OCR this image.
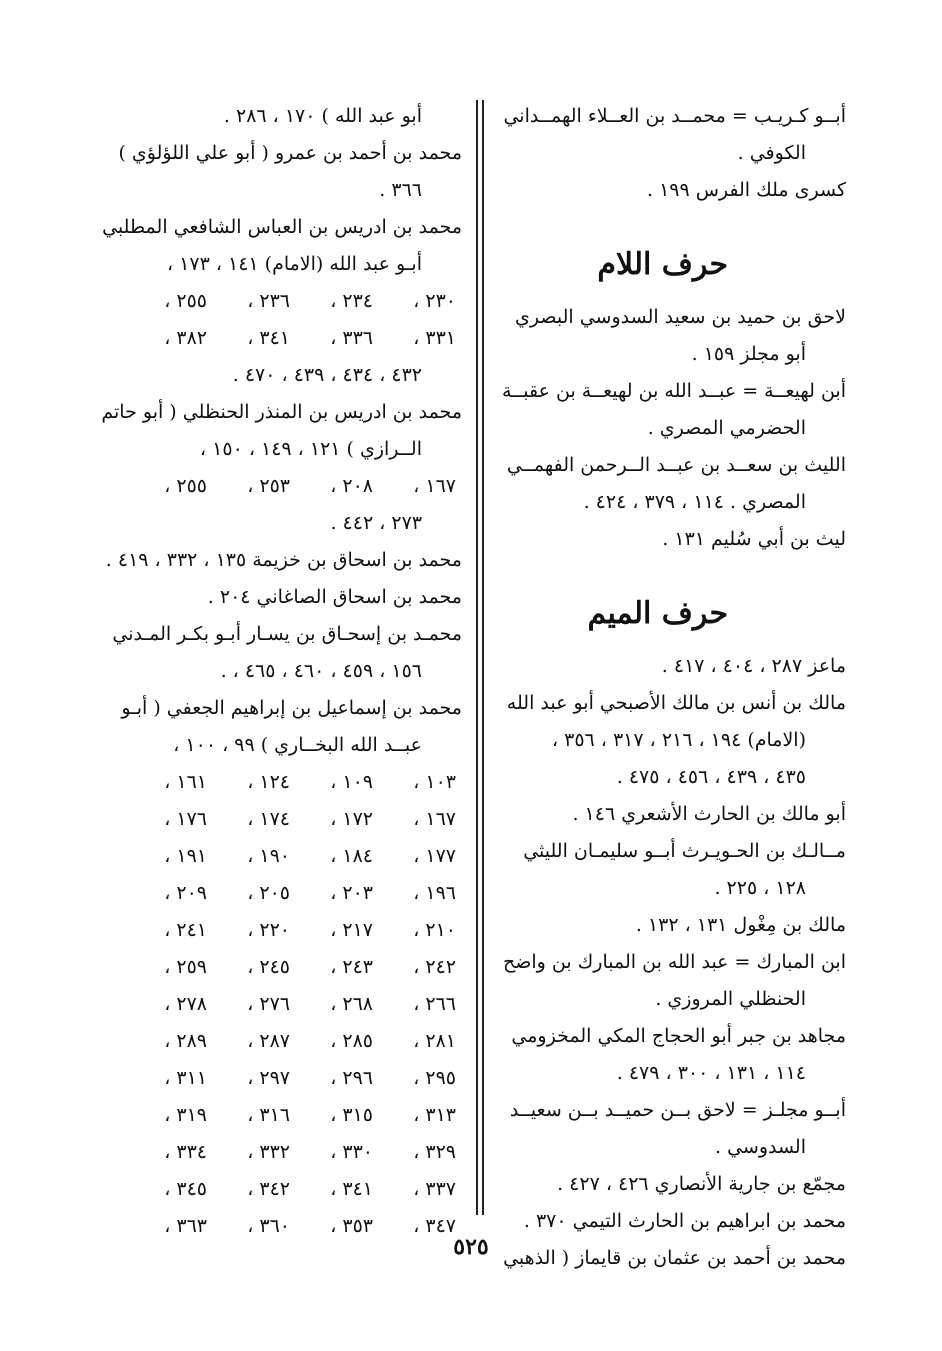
أبــو كـريـب = محمــد بن العــلاء الهمــداني
الكوفي .
كسرى ملك الفرس ١٩٩ .
حرف اللام
لاحق بن حميد بن سعيد السدوسي البصري
أبو مجلز ١٥٩ .
أبن لهيعــة = عبــد الله بن لهيعــة بن عقبــة
الحضرمي المصري .
الليث بن سعــد بن عبــد الــرحمن الفهمــي
المصري . ١١٤ ، ٣٧٩ ، ٤٢٤ .
ليث بن أبي سُليم ١٣١ .
حرف الميم
ماعز ٢٨٧ ، ٤٠٤ ، ٤١٧ .
مالك بن أنس بن مالك الأصبحي أبو عبد الله
(الامام) ١٩٤ ، ٢١٦ ، ٣١٧ ، ٣٥٦ ،
٤٣٥ ، ٤٣٩ ، ٤٥٦ ، ٤٧٥ .
أبو مالك بن الحارث الأشعري ١٤٦ .
مــالـك بن الحـويـرث أبــو سليمـان الليثي
١٢٨ ، ٢٢٥ .
مالك بن مِغْول ١٣١ ، ١٣٢ .
ابن المبارك = عبد الله بن المبارك بن واضح
الحنظلي المروزي .
مجاهد بن جبر أبو الحجاج المكي المخزومي
١١٤ ، ١٣١ ، ٣٠٠ ، ٤٧٩ .
أبــو مجلـز = لاحق بــن حميــد بــن سعيــد
السدوسي .
مجمّع بن جارية الأنصاري ٤٢٦ ، ٤٢٧ .
محمد بن ابراهيم بن الحارث التيمي ٣٧٠ .
محمد بن أحمد بن عثمان بن قايماز ( الذهبي
أبو عبد الله ) ١٧٠ ، ٢٨٦ .
محمد بن أحمد بن عمرو ( أبو علي اللؤلؤي )
٣٦٦ .
محمد بن ادريس بن العباس الشافعي المطلبي
أبـو عبد الله (الامام) ١٤١ ، ١٧٣ ،
٢٣٠ ،
٢٣٤ ،
٢٣٦ ،
٢٥٥ ،
٣٣١ ،
٣٣٦ ،
٣٤١ ،
٣٨٢ ،
٤٣٢ ، ٤٣٤ ، ٤٣٩ ، ٤٧٠ .
محمد بن ادريس بن المنذر الحنظلي ( أبو حاتم
الــرازي ) ١٢١ ، ١٤٩ ، ١٥٠ ،
١٦٧ ،
٢٠٨ ،
٢٥٣ ،
٢٥٥ ،
٢٧٣ ، ٤٤٢ .
محمد بن اسحاق بن خزيمة ١٣٥ ، ٣٣٢ ، ٤١٩ .
محمد بن اسحاق الصاغاني ٢٠٤ .
محمـد بن إسحـاق بن يسـار أبـو بكـر المـدني
١٥٦ ، ٤٥٩ ، ٤٦٠ ، ٤٦٥ ، .
محمد بن إسماعيل بن إبراهيم الجعفي ( أبـو
عبــد الله البخــاري ) ٩٩ ، ١٠٠ ،
١٠٣ ،
١٠٩ ،
١٢٤ ،
١٦١ ،
١٦٧ ،
١٧٢ ،
١٧٤ ،
١٧٦ ،
١٧٧ ،
١٨٤ ،
١٩٠ ،
١٩١ ،
١٩٦ ،
٢٠٣ ،
٢٠٥ ،
٢٠٩ ،
٢١٠ ،
٢١٧ ،
٢٢٠ ،
٢٤١ ،
٢٤٢ ،
٢٤٣ ،
٢٤٥ ،
٢٥٩ ،
٢٦٦ ،
٢٦٨ ،
٢٧٦ ،
٢٧٨ ،
٢٨١ ،
٢٨٥ ،
٢٨٧ ،
٢٨٩ ،
٢٩٥ ،
٢٩٦ ،
٢٩٧ ،
٣١١ ،
٣١٣ ،
٣١٥ ،
٣١٦ ،
٣١٩ ،
٣٢٩ ،
٣٣٠ ،
٣٣٢ ،
٣٣٤ ،
٣٣٧ ،
٣٤١ ،
٣٤٢ ،
٣٤٥ ،
٣٤٧ ،
٣٥٣ ،
٣٦٠ ،
٣٦٣ ،
٥٢٥
